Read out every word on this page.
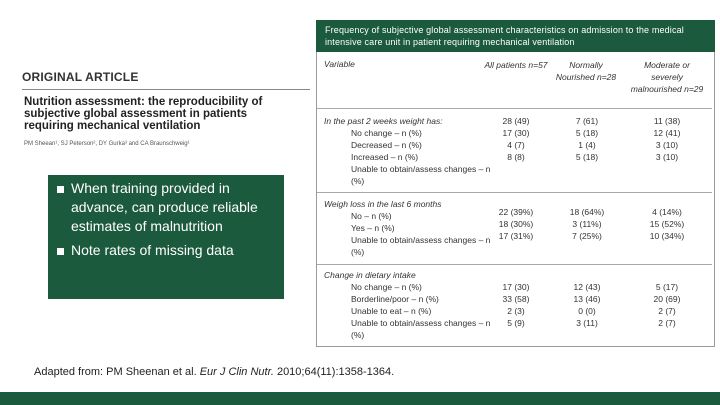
ORIGINAL ARTICLE
Nutrition assessment: the reproducibility of subjective global assessment in patients requiring mechanical ventilation
PM Sheean¹, SJ Peterson², DY Gurka³ and CA Braunschweig¹
When training provided in advance, can produce reliable estimates of malnutrition
Note rates of missing data
Frequency of subjective global assessment characteristics on admission to the medical intensive care unit in patient requiring mechanical ventilation
Variable	All patients n=57	Normally Nourished n=28
Moderate or severely malnourished n=29
In the past 2 weeks weight has:
No change – n (%)
Decreased – n (%)
Increased – n (%)
Unable to obtain/assess changes – n (%)
28 (49)
17 (30)
4 (7)
8 (8)
7 (61)
5 (18)
1 (4)
5 (18)
11 (38)
12 (41)
3 (10)
3 (10)
Weigh loss in the last 6 months
No – n (%)
Yes – n (%)
Unable to obtain/assess changes – n (%)
22 (39%)
18 (30%)
17 (31%)
18 (64%)
3 (11%)
7 (25%)
4 (14%)
15 (52%)
10 (34%)
Change in dietary intake
No change – n (%)
Borderline/poor – n (%)
Unable to eat – n (%)
Unable to obtain/assess changes – n (%)
17 (30)
33 (58)
2 (3)
5 (9)
12 (43)
13 (46)
0 (0)
3 (11)
5 (17)
20 (69)
2 (7)
2 (7)
Adapted from: PM Sheenan et al. Eur J Clin Nutr. 2010;64(11):1358-1364.
